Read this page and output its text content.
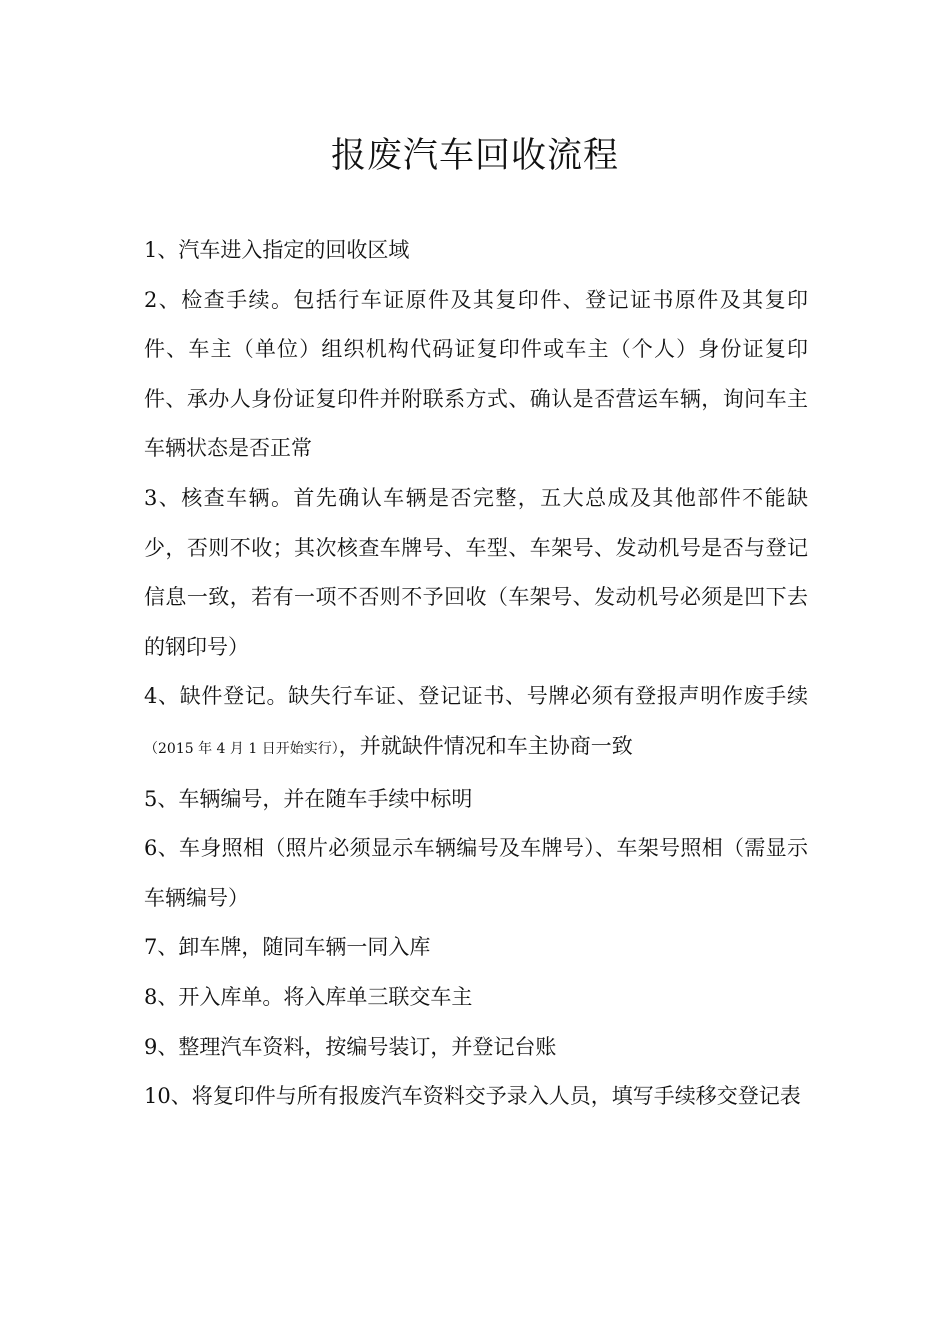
报废汽车回收流程

1、汽车进入指定的回收区域

2、检查手续。包括行车证原件及其复印件、登记证书原件及其复印件、车主（单位）组织机构代码证复印件或车主（个人）身份证复印件、承办人身份证复印件并附联系方式、确认是否营运车辆，询问车主车辆状态是否正常

3、核查车辆。首先确认车辆是否完整，五大总成及其他部件不能缺少，否则不收；其次核查车牌号、车型、车架号、发动机号是否与登记信息一致，若有一项不否则不予回收（车架号、发动机号必须是凹下去的钢印号）

4、缺件登记。缺失行车证、登记证书、号牌必须有登报声明作废手续（2015 年 4 月 1 日开始实行），并就缺件情况和车主协商一致

5、车辆编号，并在随车手续中标明

6、车身照相（照片必须显示车辆编号及车牌号）、车架号照相（需显示车辆编号）

7、卸车牌，随同车辆一同入库

8、开入库单。将入库单三联交车主

9、整理汽车资料，按编号装订，并登记台账

10、将复印件与所有报废汽车资料交予录入人员，填写手续移交登记表
